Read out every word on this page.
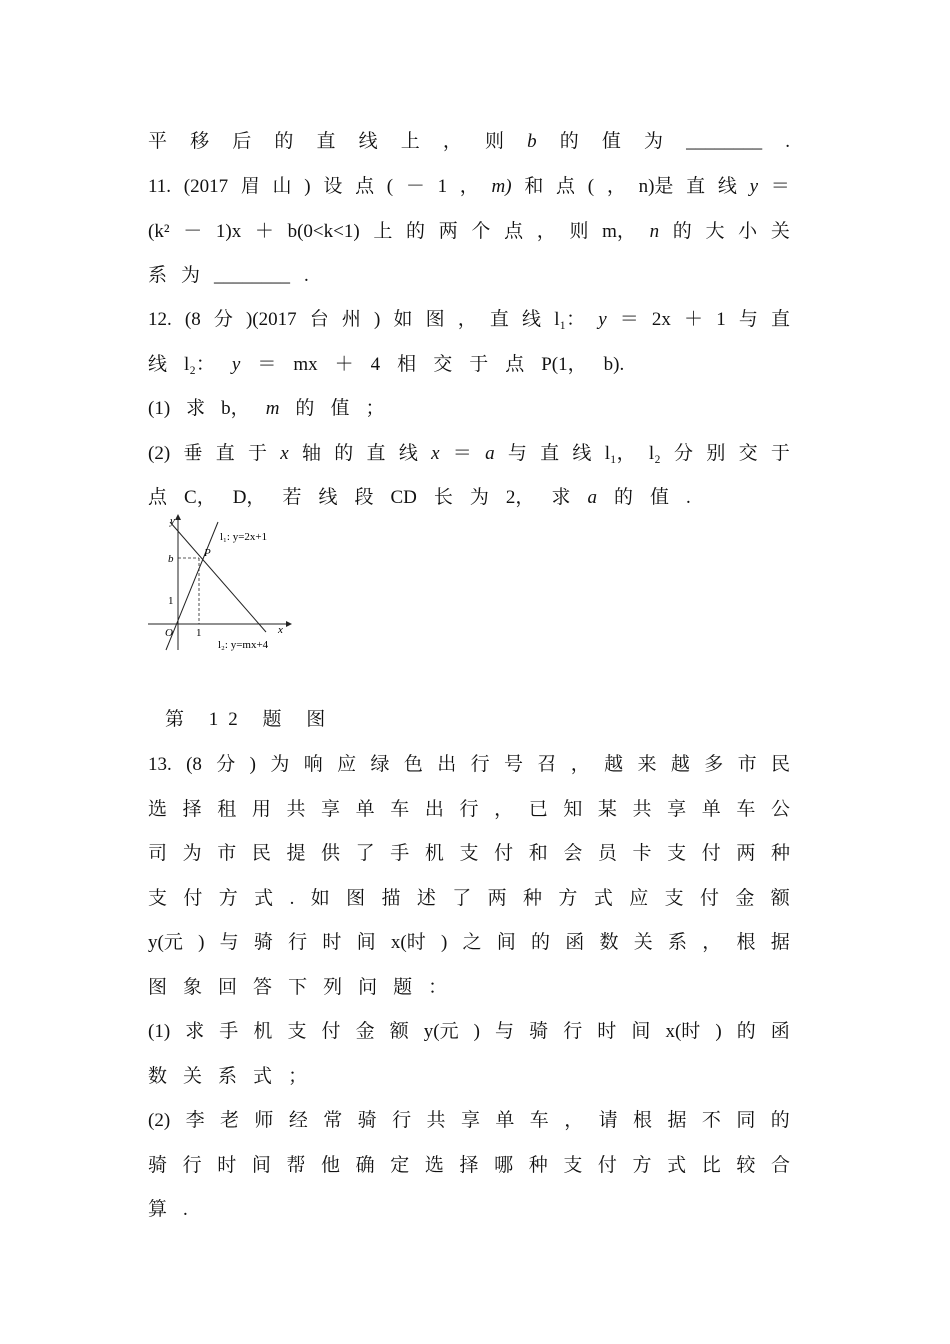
平 移 后 的 直 线 上 ， 则 b 的 值 为 ________ .
11. (2017 眉 山 ) 设 点 ( － 1 ， m) 和 点 ( ， n)是 直 线 y ＝
(k² － 1)x ＋ b(0<k<1) 上 的 两 个 点 ， 则 m， n 的 大 小 关
系 为 ________ .
12. (8 分 )(2017 台 州 ) 如 图 ， 直 线 l₁： y ＝ 2x ＋ 1 与 直
线 l₂： y ＝ mx ＋ 4 相 交 于 点 P(1， b).
(1) 求 b， m 的 值 ；
(2) 垂 直 于 x 轴 的 直 线 x ＝ a 与 直 线 l₁， l₂ 分 别 交 于
点 C， D， 若 线 段 CD 长 为 2， 求 a 的 值 .
y
x
O
b
1
1
P
l₁: y=2x+1
l₂: y=mx+4
第 12 题 图
13. (8 分 ) 为 响 应 绿 色 出 行 号 召 ， 越 来 越 多 市 民
选 择 租 用 共 享 单 车 出 行 ， 已 知 某 共 享 单 车 公
司 为 市 民 提 供 了 手 机 支 付 和 会 员 卡 支 付 两 种
支 付 方 式 . 如 图 描 述 了 两 种 方 式 应 支 付 金 额
y(元 ) 与 骑 行 时 间 x(时 ) 之 间 的 函 数 关 系 ， 根 据
图 象 回 答 下 列 问 题 ：
(1) 求 手 机 支 付 金 额 y(元 ) 与 骑 行 时 间 x(时 ) 的 函
数 关 系 式 ；
(2) 李 老 师 经 常 骑 行 共 享 单 车 ， 请 根 据 不 同 的
骑 行 时 间 帮 他 确 定 选 择 哪 种 支 付 方 式 比 较 合
算 .
